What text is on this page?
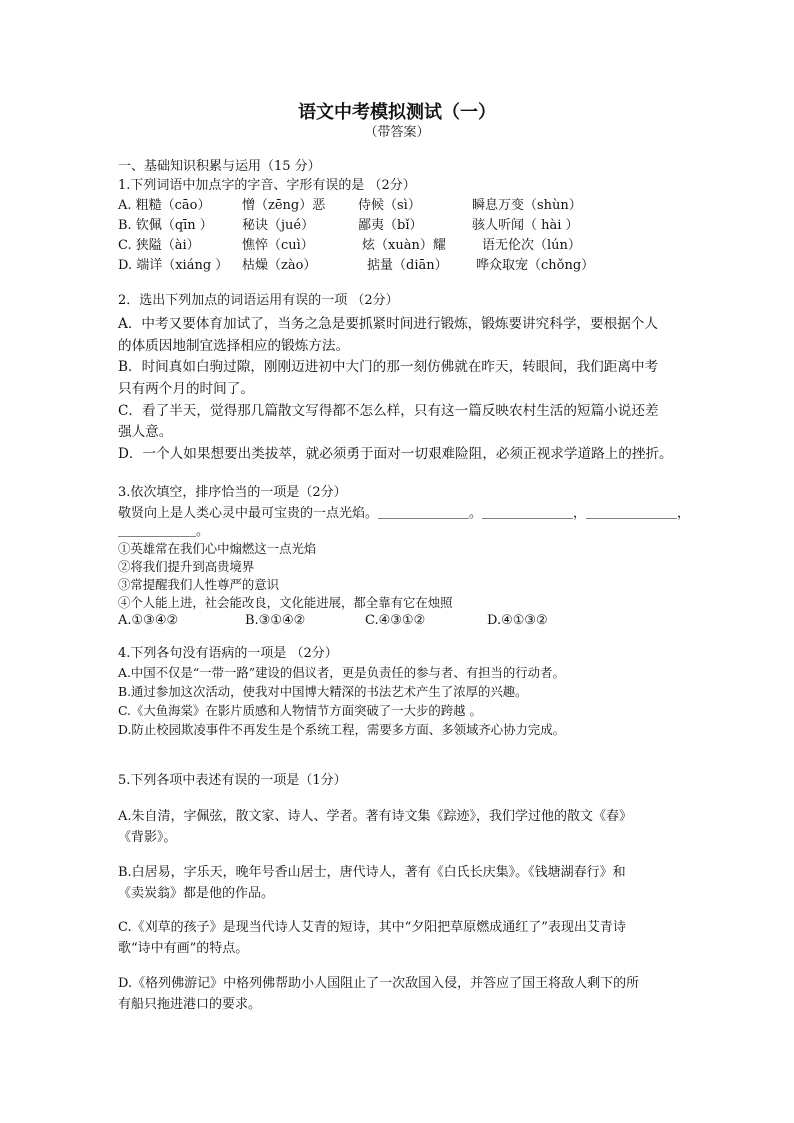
语文中考模拟测试（一）
（带答案）
一、基础知识积累与运用（15 分）
1.下列词语中加点字的字音、字形有误的是 （2分）
A. 粗糙（cāo） 憎（zēng）恶	侍候（sì）	瞬息万变（shùn）
B. 钦佩（qīn ） 秘诀（jué）	鄙夷（bǐ）	骇人听闻（ hài ）
C. 狭隘（ài）	憔悴（cuì）	炫（xuàn）耀	语无伦次（lún）
D. 端详（xiáng ） 枯燥（zào）	掂量（diān） 哗众取宠（chǒng）
2．选出下列加点的词语运用有误的一项 （2分）
A．中考又要体育加试了，当务之急是要抓紧时间进行锻炼，锻炼要讲究科学，要根据个人
的体质因地制宜选择相应的锻炼方法。
B．时间真如白驹过隙，刚刚迈进初中大门的那一刻仿佛就在昨天，转眼间，我们距离中考
只有两个月的时间了。
C．看了半天，觉得那几篇散文写得都不怎么样，只有这一篇反映农村生活的短篇小说还差
强人意。
D．一个人如果想要出类拔萃，就必须勇于面对一切艰难险阻，必须正视求学道路上的挫折。
3.依次填空，排序恰当的一项是（2分）
敬贤向上是人类心灵中最可宝贵的一点光焰。＿＿＿＿＿＿＿。＿＿＿＿＿＿＿，＿＿＿＿＿＿＿，
＿＿＿＿＿＿。
①英雄常在我们心中煽燃这一点光焰
②将我们提升到高贵境界
③常提醒我们人性尊严的意识
④个人能上进，社会能改良，文化能进展，都全靠有它在烛照
A.①③④②	B.③①④②	C.④③①②	D.④①③②
4.下列各句没有语病的一项是 （2分）
A.中国不仅是“一带一路”建设的倡议者，更是负责任的参与者、有担当的行动者。
B.通过参加这次活动，使我对中国博大精深的书法艺术产生了浓厚的兴趣。
C.《大鱼海棠》在影片质感和人物情节方面突破了一大步的跨越 。
D.防止校园欺凌事件不再发生是个系统工程，需要多方面、多领域齐心协力完成。
5.下列各项中表述有误的一项是（1分）
A.朱自清，字佩弦，散文家、诗人、学者。著有诗文集《踪迹》，我们学过他的散文《春》
《背影》。
B.白居易，字乐天，晚年号香山居士，唐代诗人，著有《白氏长庆集》。《钱塘湖春行》和
《卖炭翁》都是他的作品。
C.《刈草的孩子》是现当代诗人艾青的短诗，其中“夕阳把草原燃成通红了”表现出艾青诗
歌“诗中有画”的特点。
D.《格列佛游记》中格列佛帮助小人国阻止了一次敌国入侵，并答应了国王将敌人剩下的所
有船只拖进港口的要求。
